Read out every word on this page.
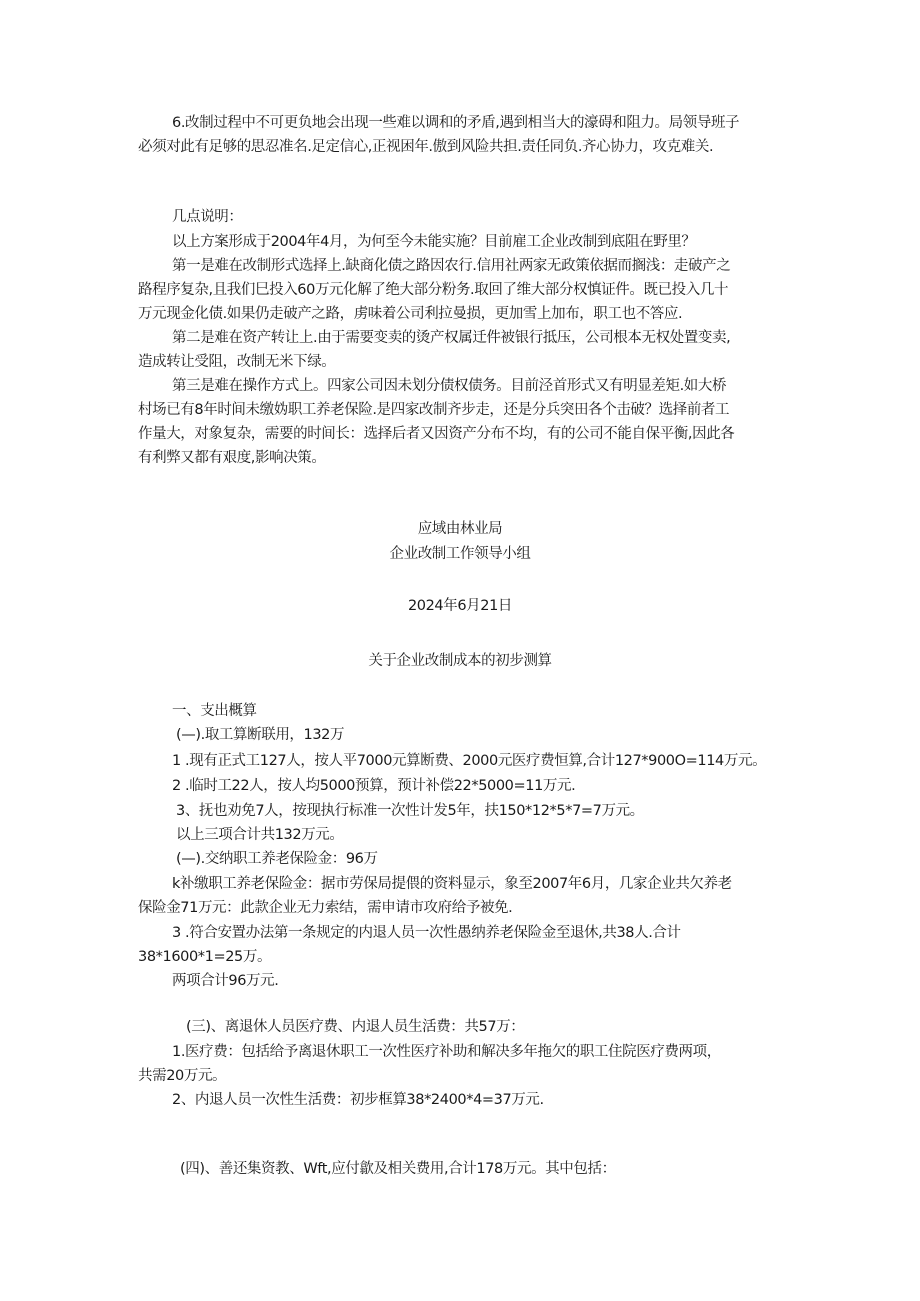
6.改制过程中不可更负地会出现一些难以调和的矛盾,遇到相当大的濠碍和阻力。局领导班子

必须对此有足够的思忍准名.足定信心,正视困年.傲到风险共担.责任同负.齐心协力，攻克难关.

几点说明：

以上方案形成于2004年4月，为何至今未能实施？目前雇工企业改制到底阻在野里？

第一是难在改制形式选择上.缺商化债之路因农行.信用社两家无政策依据而搁浅：走破产之

路程序复杂,且我们巳投入60万元化解了绝大部分粉务.取回了维大部分权慎证件。既已投入几十

万元现金化债.如果仍走破产之路，虏味着公司利拉曼损，更加雪上加布，职工也不答应.

第二是难在资产转让上.由于需要变卖的烫产权属迁件被银行抵压，公司根本无权处置变卖,

造成转让受阻，改制无米下绿。

第三是难在操作方式上。四家公司因未划分债权债务。目前泾首形式又有明显差矩.如大桥

村场已有8年时间未缴妫职工养老保险.是四家改制齐步走，还是分兵突田各个击破？选择前者工

作量大，对象复杂，需要的时间长：选择后者又因资产分布不均，有的公司不能自保平衡,因此各

有利弊又都有艰度,影响决策。

应域由林业局

企业改制工作领导小组

2024年6月21日

关于企业改制成本的初步测算

一、支出概算

(—).取工算断联用，132万

1 .现有正式工127人，按人平7000元算断费、2000元医疗费恒算,合计127*900O=114万元。

2 .临时工22人，按人均5000预算，预计补偿22*5000=11万元.

3、抚也劝免7人，按现执行标准一次性计发5年，扶150*12*5*7=7万元。

以上三项合计共132万元。

(—).交纳职工养老保险金：96万

k补缴职工养老保险金：据市劳保局提偎的资料显示，象至2007年6月，几家企业共欠养老

保险金71万元：此款企业无力索结，需申请市攻府给予被免.

3 .符合安置办法第一条规定的内退人员一次性愚纳养老保险金至退休,共38人.合计

38*1600*1=25万。

两项合计96万元.

(三)、离退休人员医疗费、内退人员生活费：共57万：

1.医疗费：包括给予离退休职工一次性医疗补助和解决多年拖欠的职工住院医疗费两项，

共需20万元。

2、内退人员一次性生活费：初步框算38*2400*4=37万元.

(四)、善还集资教、Wft,应付歙及相关费用,合计178万元。其中包括：
